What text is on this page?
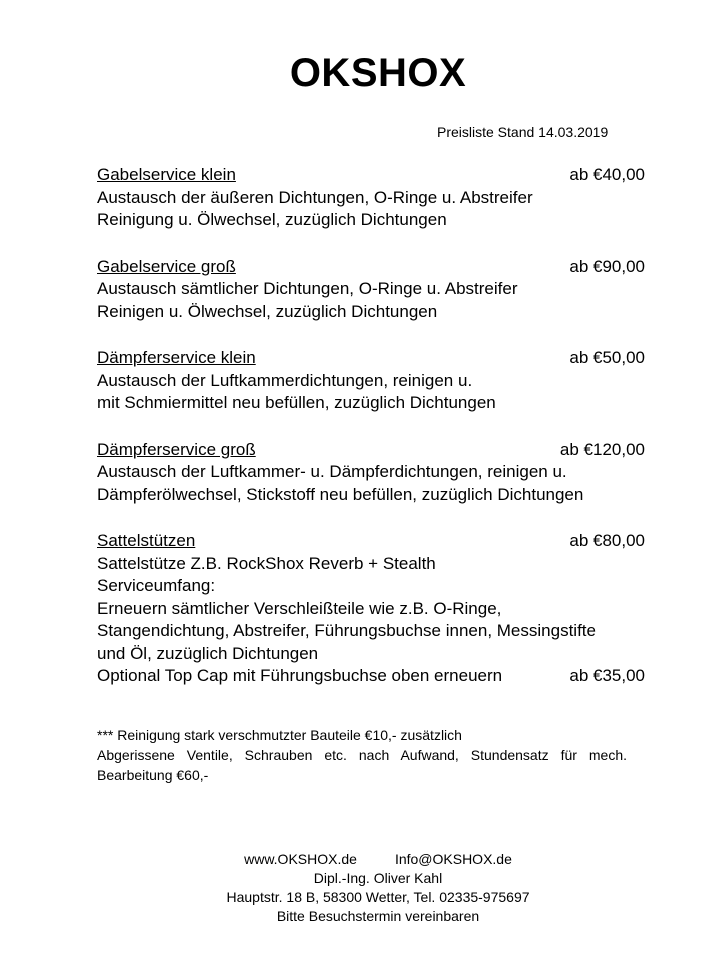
OKSHOX
Preisliste Stand 14.03.2019
Gabelservice klein	ab €40,00
Austausch der äußeren Dichtungen, O-Ringe u. Abstreifer
Reinigung u. Ölwechsel, zuzüglich Dichtungen
Gabelservice groß	ab €90,00
Austausch sämtlicher Dichtungen, O-Ringe u. Abstreifer
Reinigen u. Ölwechsel, zuzüglich Dichtungen
Dämpferservice klein	ab €50,00
Austausch der Luftkammerdichtungen, reinigen u.
mit Schmiermittel neu befüllen, zuzüglich Dichtungen
Dämpferservice groß	ab €120,00
Austausch der Luftkammer- u. Dämpferdichtungen, reinigen u.
Dämpferölwechsel, Stickstoff neu befüllen, zuzüglich Dichtungen
Sattelstützen	ab €80,00
Sattelstütze Z.B. RockShox Reverb + Stealth
Serviceumfang:
Erneuern sämtlicher Verschleißteile wie z.B. O-Ringe,
Stangendichtung, Abstreifer, Führungsbuchse innen, Messingstifte
und Öl, zuzüglich Dichtungen
Optional Top Cap mit Führungsbuchse oben erneuern	ab €35,00
*** Reinigung stark verschmutzter Bauteile €10,- zusätzlich
Abgerissene Ventile, Schrauben etc. nach Aufwand, Stundensatz für mech.
Bearbeitung €60,-
www.OKSHOX.de	Info@OKSHOX.de
Dipl.-Ing. Oliver Kahl
Hauptstr. 18 B, 58300 Wetter, Tel. 02335-975697
Bitte Besuchstermin vereinbaren
